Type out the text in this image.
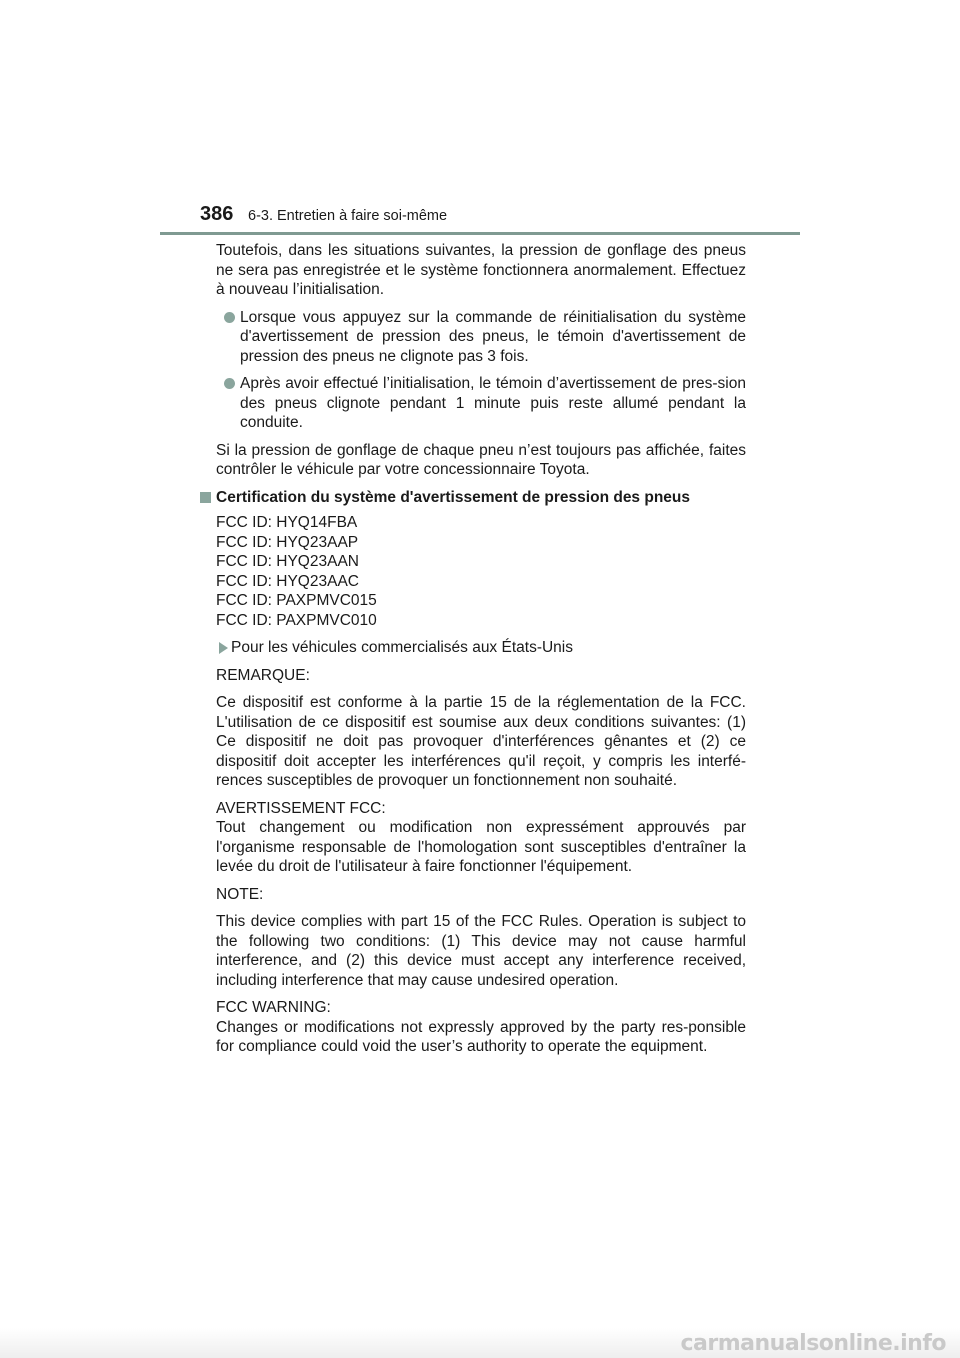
386 6-3. Entretien à faire soi-même

Toutefois, dans les situations suivantes, la pression de gonflage des pneus ne sera pas enregistrée et le système fonctionnera anormalement. Effectuez à nouveau l’initialisation.

Lorsque vous appuyez sur la commande de réinitialisation du système d'avertissement de pression des pneus, le témoin d'avertissement de pression des pneus ne clignote pas 3 fois.
Après avoir effectué l’initialisation, le témoin d’avertissement de pres-sion des pneus clignote pendant 1 minute puis reste allumé pendant la conduite.

Si la pression de gonflage de chaque pneu n’est toujours pas affichée, faites contrôler le véhicule par votre concessionnaire Toyota.

Certification du système d'avertissement de pression des pneus
FCC ID: HYQ14FBA
FCC ID: HYQ23AAP
FCC ID: HYQ23AAN
FCC ID: HYQ23AAC
FCC ID: PAXPMVC015
FCC ID: PAXPMVC010
Pour les véhicules commercialisés aux États-Unis

REMARQUE:

Ce dispositif est conforme à la partie 15 de la réglementation de la FCC. L'utilisation de ce dispositif est soumise aux deux conditions suivantes: (1) Ce dispositif ne doit pas provoquer d'interférences gênantes et (2) ce dispositif doit accepter les interférences qu'il reçoit, y compris les interfé-rences susceptibles de provoquer un fonctionnement non souhaité.

AVERTISSEMENT FCC:

Tout changement ou modification non expressément approuvés par l'organisme responsable de l'homologation sont susceptibles d'entraîner la levée du droit de l'utilisateur à faire fonctionner l'équipement.

NOTE:

This device complies with part 15 of the FCC Rules. Operation is subject to the following two conditions: (1) This device may not cause harmful interference, and (2) this device must accept any interference received, including interference that may cause undesired operation.

FCC WARNING:

Changes or modifications not expressly approved by the party res-ponsible for compliance could void the user’s authority to operate the equipment.

carmanualsonline.info
